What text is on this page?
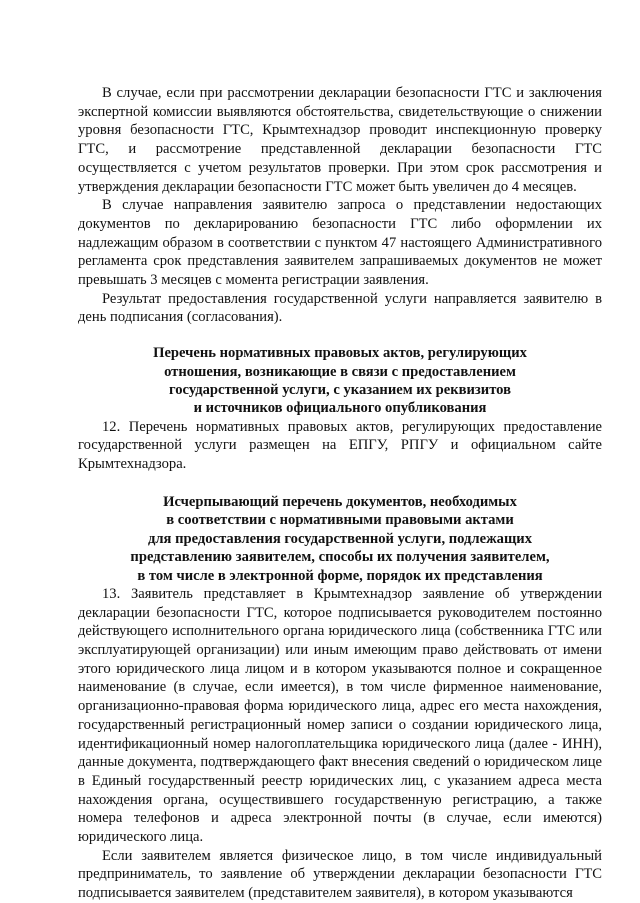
В случае, если при рассмотрении декларации безопасности ГТС и заключения экспертной комиссии выявляются обстоятельства, свидетельствующие о снижении уровня безопасности ГТС, Крымтехнадзор проводит инспекционную проверку ГТС, и рассмотрение представленной декларации безопасности ГТС осуществляется с учетом результатов проверки. При этом срок рассмотрения и утверждения декларации безопасности ГТС может быть увеличен до 4 месяцев.

В случае направления заявителю запроса о представлении недостающих документов по декларированию безопасности ГТС либо оформлении их надлежащим образом в соответствии с пунктом 47 настоящего Административного регламента срок представления заявителем запрашиваемых документов не может превышать 3 месяцев с момента регистрации заявления.

Результат предоставления государственной услуги направляется заявителю в день подписания (согласования).

Перечень нормативных правовых актов, регулирующих
отношения, возникающие в связи с предоставлением
государственной услуги, с указанием их реквизитов
и источников официального опубликования

12. Перечень нормативных правовых актов, регулирующих предоставление государственной услуги размещен на ЕПГУ, РПГУ и официальном сайте Крымтехнадзора.

Исчерпывающий перечень документов, необходимых
в соответствии с нормативными правовыми актами
для предоставления государственной услуги, подлежащих
представлению заявителем, способы их получения заявителем,
в том числе в электронной форме, порядок их представления

13. Заявитель представляет в Крымтехнадзор заявление об утверждении декларации безопасности ГТС, которое подписывается руководителем постоянно действующего исполнительного органа юридического лица (собственника ГТС или эксплуатирующей организации) или иным имеющим право действовать от имени этого юридического лица лицом и в котором указываются полное и сокращенное наименование (в случае, если имеется), в том числе фирменное наименование, организационно-правовая форма юридического лица, адрес его места нахождения, государственный регистрационный номер записи о создании юридического лица, идентификационный номер налогоплательщика юридического лица (далее - ИНН), данные документа, подтверждающего факт внесения сведений о юридическом лице в Единый государственный реестр юридических лиц, с указанием адреса места нахождения органа, осуществившего государственную регистрацию, а также номера телефонов и адреса электронной почты (в случае, если имеются) юридического лица.

Если заявителем является физическое лицо, в том числе индивидуальный предприниматель, то заявление об утверждении декларации безопасности ГТС подписывается заявителем (представителем заявителя), в котором указываются
